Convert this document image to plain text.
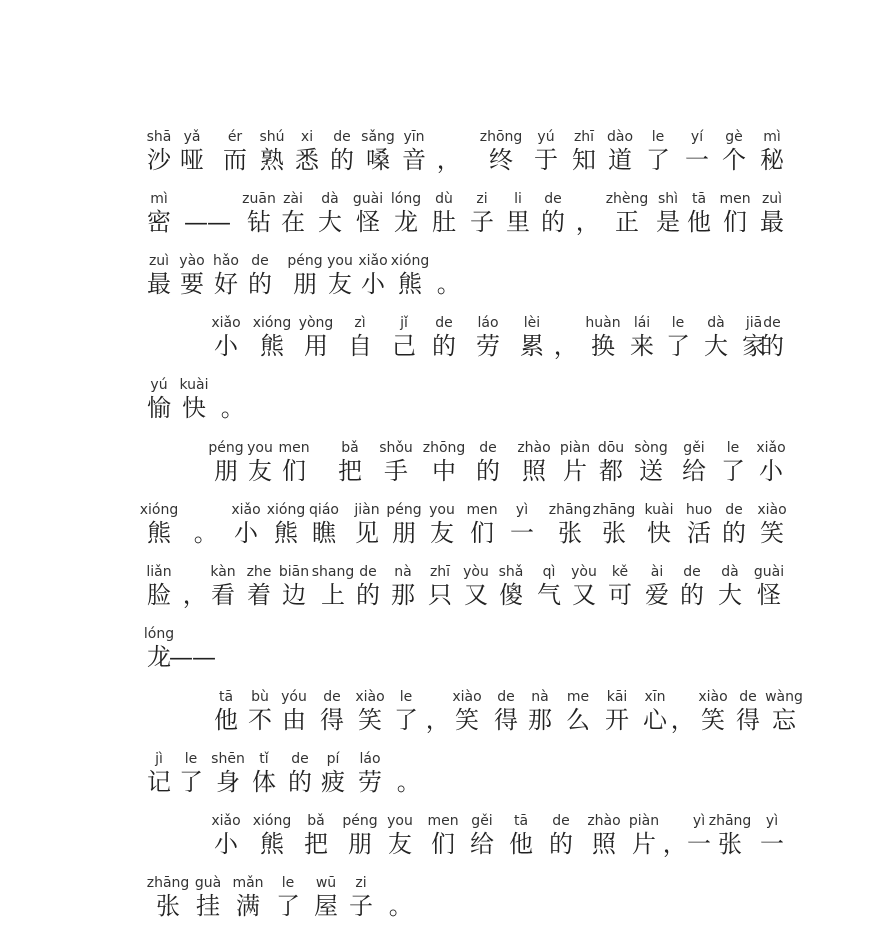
shā yǎ ér shú xi de sǎng yīn	zhōng yú zhī dào le yí gè mì
沙 哑 而 熟 悉 的 嗓 音 ， 终 于 知 道 了 一 个 秘
mì	zuān zài dà guài lóng dù zi li de	zhèng shì tā men zuì
密 —— 钻 在 大 怪 龙 肚 子 里 的 ， 正 是 他 们 最
zuì yào hǎo de péng you xiǎo xióng
最 要 好 的 朋 友 小 熊 。
xiǎo xióng yòng zì jǐ de láo lèi	huàn lái le dà jiā de
小 熊 用 自 己 的 劳 累 ， 换 来 了 大 家
的
yú kuài
愉 快 。
péng you men bǎ shǒu zhōng de zhào piàn dōu sòng gěi le xiǎo
朋 友 们 把 手 中 的 照 片 都 送 给 了 小
xióng	xiǎo xióng qiáo jiàn péng you men yì zhāng zhāng kuài huo de xiào
熊 。 小 熊 瞧 见 朋 友 们 一 张 张 快 活 的 笑
liǎn	kàn zhe biān shang de nà zhī yòu shǎ qì yòu kě ài de dà guài
脸 ， 看 着 边 上 的 那 只 又 傻 气 又 可 爱 的 大 怪
lóng
龙
——
tā bù yóu de xiào le	xiào de nà me kāi xīn xiào de wàng
他 不 由 得 笑 了 ， 笑 得 那 么 开 心 ， 笑 得 忘
jì le shēn tǐ de pí láo
记 了 身 体 的 疲 劳 。
xiǎo xióng bǎ péng you men gěi tā de zhào piàn yì zhāng yì
小 熊 把 朋 友 们 给 他 的 照 片 ， 一 张 一
zhāng guà mǎn le wū zi
张 挂 满 了 屋 子 。
